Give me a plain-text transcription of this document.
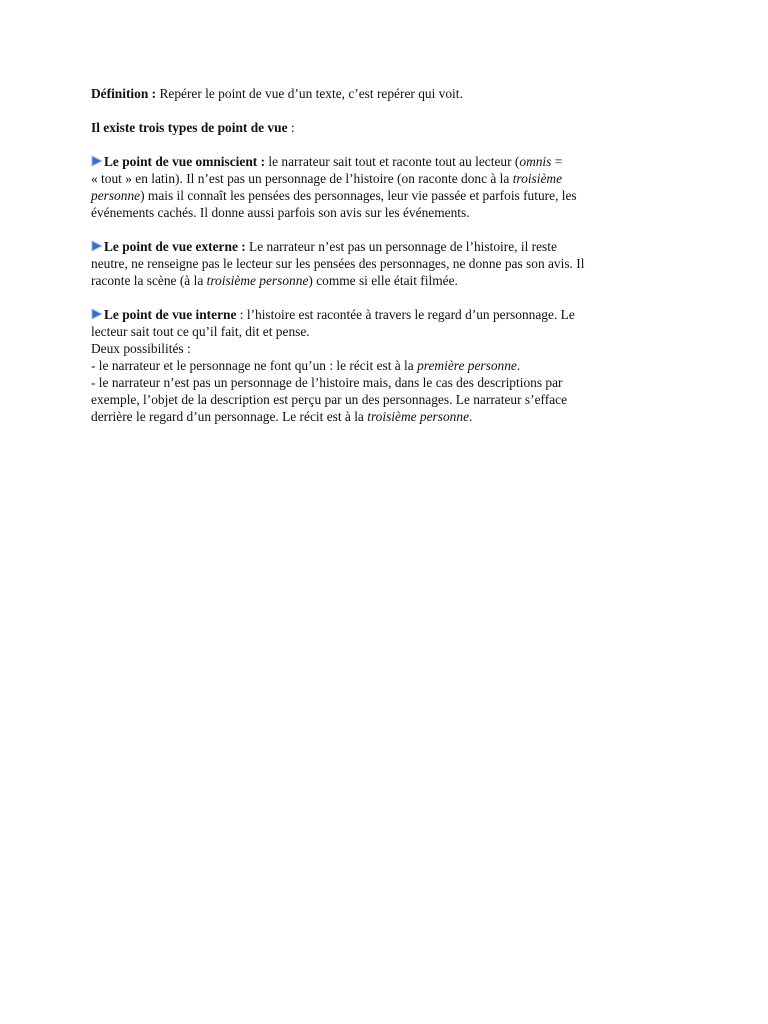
Définition : Repérer le point de vue d’un texte, c’est repérer qui voit.

Il existe trois types de point de vue :

Le point de vue omniscient : le narrateur sait tout et raconte tout au lecteur (omnis =
« tout » en latin). Il n’est pas un personnage de l’histoire (on raconte donc à la troisième
personne) mais il connaît les pensées des personnages, leur vie passée et parfois future, les
événements cachés. Il donne aussi parfois son avis sur les événements.
Le point de vue externe : Le narrateur n’est pas un personnage de l’histoire, il reste
neutre, ne renseigne pas le lecteur sur les pensées des personnages, ne donne pas son avis. Il
raconte la scène (à la troisième personne) comme si elle était filmée.
Le point de vue interne : l’histoire est racontée à travers le regard d’un personnage. Le
lecteur sait tout ce qu’il fait, dit et pense.
Deux possibilités :
- le narrateur et le personnage ne font qu’un : le récit est à la première personne.
- le narrateur n’est pas un personnage de l’histoire mais, dans le cas des descriptions par
exemple, l’objet de la description est perçu par un des personnages. Le narrateur s’efface
derrière le regard d’un personnage. Le récit est à la troisième personne.
